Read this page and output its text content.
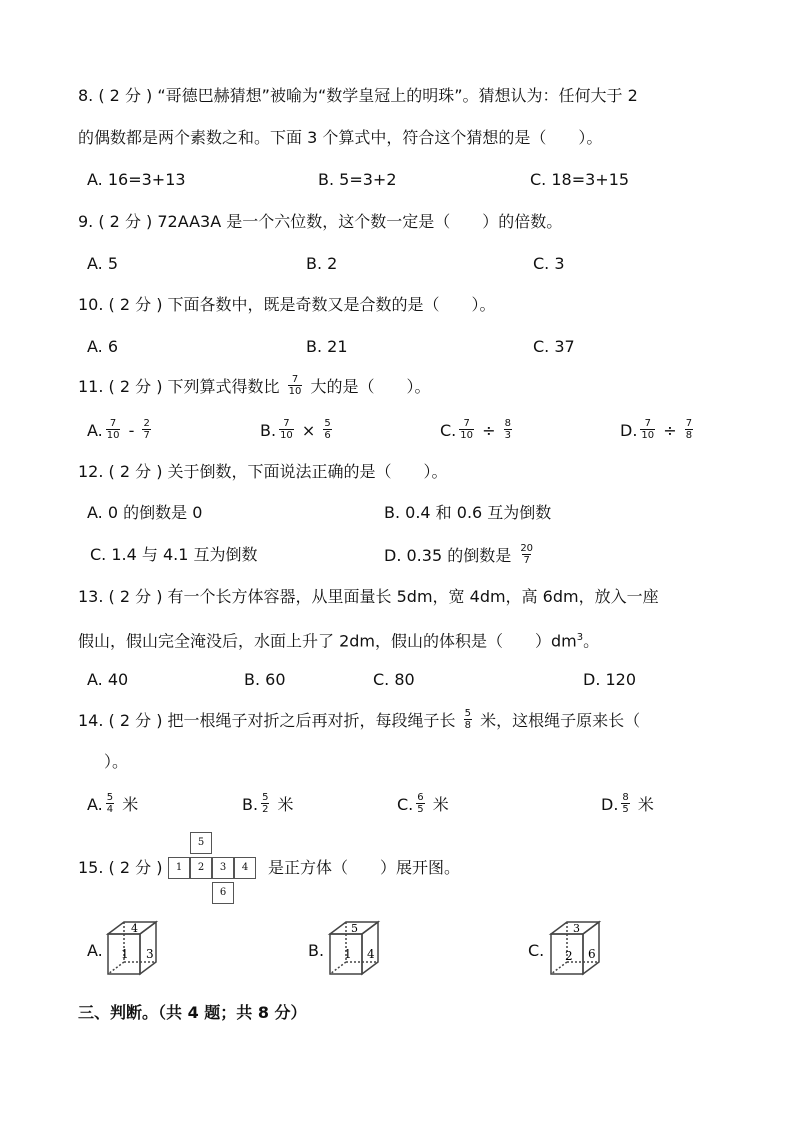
8. ( 2 分 ) “哥德巴赫猜想”被喻为“数学皇冠上的明珠”。猜想认为：任何大于 2
的偶数都是两个素数之和。下面 3 个算式中，符合这个猜想的是（　　）。
A. 16=3+13	B. 5=3+2	C. 18=3+15
9. ( 2 分 ) 72AA3A 是一个六位数，这个数一定是（　　）的倍数。
A. 5	B. 2	C. 3
10. ( 2 分 ) 下面各数中，既是奇数又是合数的是（　　）。
A. 6	B. 21	C. 37
11. ( 2 分 ) 下列算式得数比 $\frac{7}{10}$ 大的是（　　）。
A. $\frac{7}{10} - \frac{2}{7}$	B. $\frac{7}{10} \times \frac{5}{6}$	C. $\frac{7}{10} \div \frac{8}{3}$	D. $\frac{7}{10} \div \frac{7}{8}$
12. ( 2 分 ) 关于倒数，下面说法正确的是（　　）。
A. 0 的倒数是 0	B. 0.4 和 0.6 互为倒数
C. 1.4 与 4.1 互为倒数	D. 0.35 的倒数是 $\frac{20}{7}$
13. ( 2 分 ) 有一个长方体容器，从里面量长 5dm，宽 4dm，高 6dm，放入一座
假山，假山完全淹没后，水面上升了 2dm，假山的体积是（　　）$dm^3$。
A. 40	B. 60	C. 80	D. 120
14. ( 2 分 ) 把一根绳子对折之后再对折，每段绳子长 $\frac{5}{8}$ 米，这根绳子原来长（
）。
A. $\frac{5}{4}$ 米	B. $\frac{5}{2}$ 米	C. $\frac{6}{5}$ 米	D. $\frac{8}{5}$ 米
15. ( 2 分 )
5
1	2	3	4
6
是正方体（　　）展开图。
A.
4
1 3	B.
5
1 4	C.
3
2 6
三、判断。（共 4 题；共 8 分）
